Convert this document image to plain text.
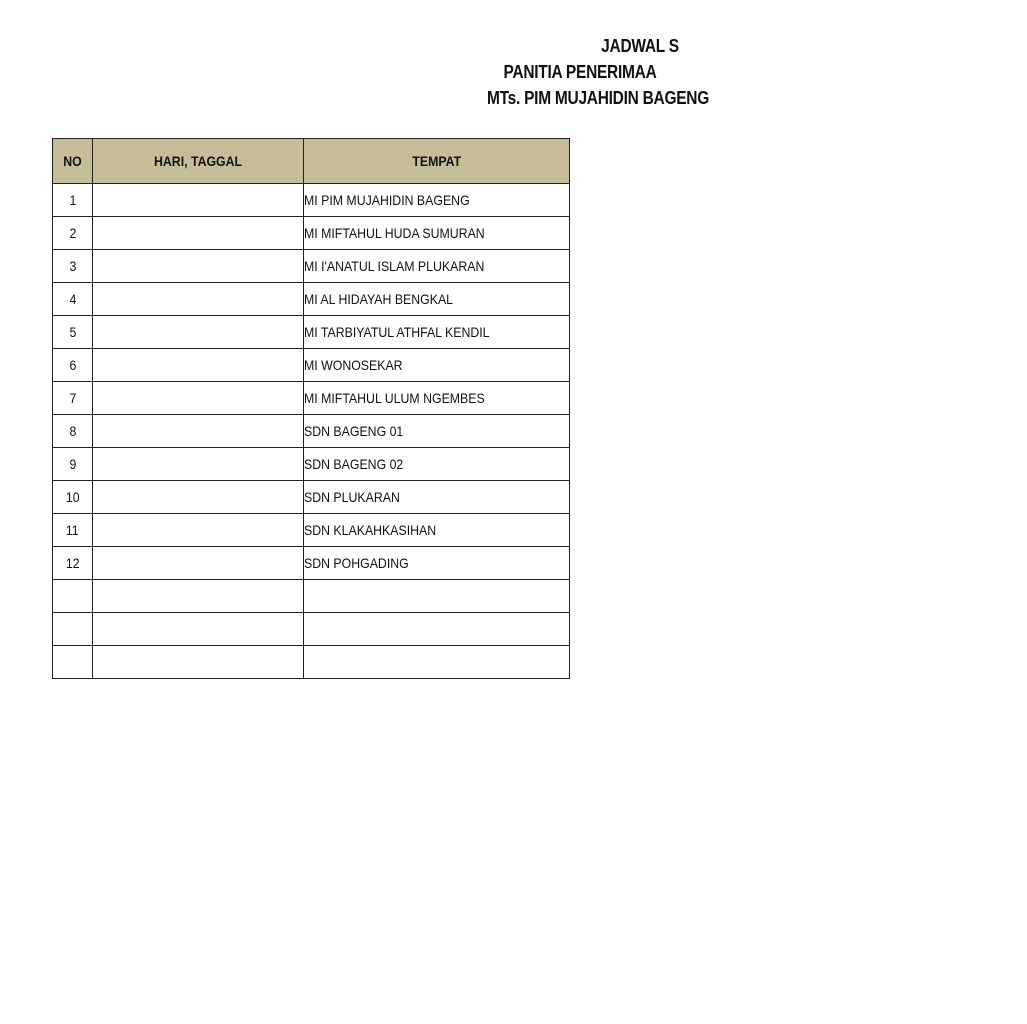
JADWAL S
PANITIA PENERIMAA
MTs. PIM MUJAHIDIN BAGENG
NO	HARI, TAGGAL	TEMPAT
1		MI PIM MUJAHIDIN BAGENG
2		MI MIFTAHUL HUDA SUMURAN
3		MI I'ANATUL ISLAM PLUKARAN
4		MI AL HIDAYAH BENGKAL
5		MI TARBIYATUL ATHFAL KENDIL
6		MI WONOSEKAR
7		MI MIFTAHUL ULUM NGEMBES
8		SDN BAGENG 01
9		SDN BAGENG 02
10		SDN PLUKARAN
11		SDN KLAKAHKASIHAN
12		SDN POHGADING
